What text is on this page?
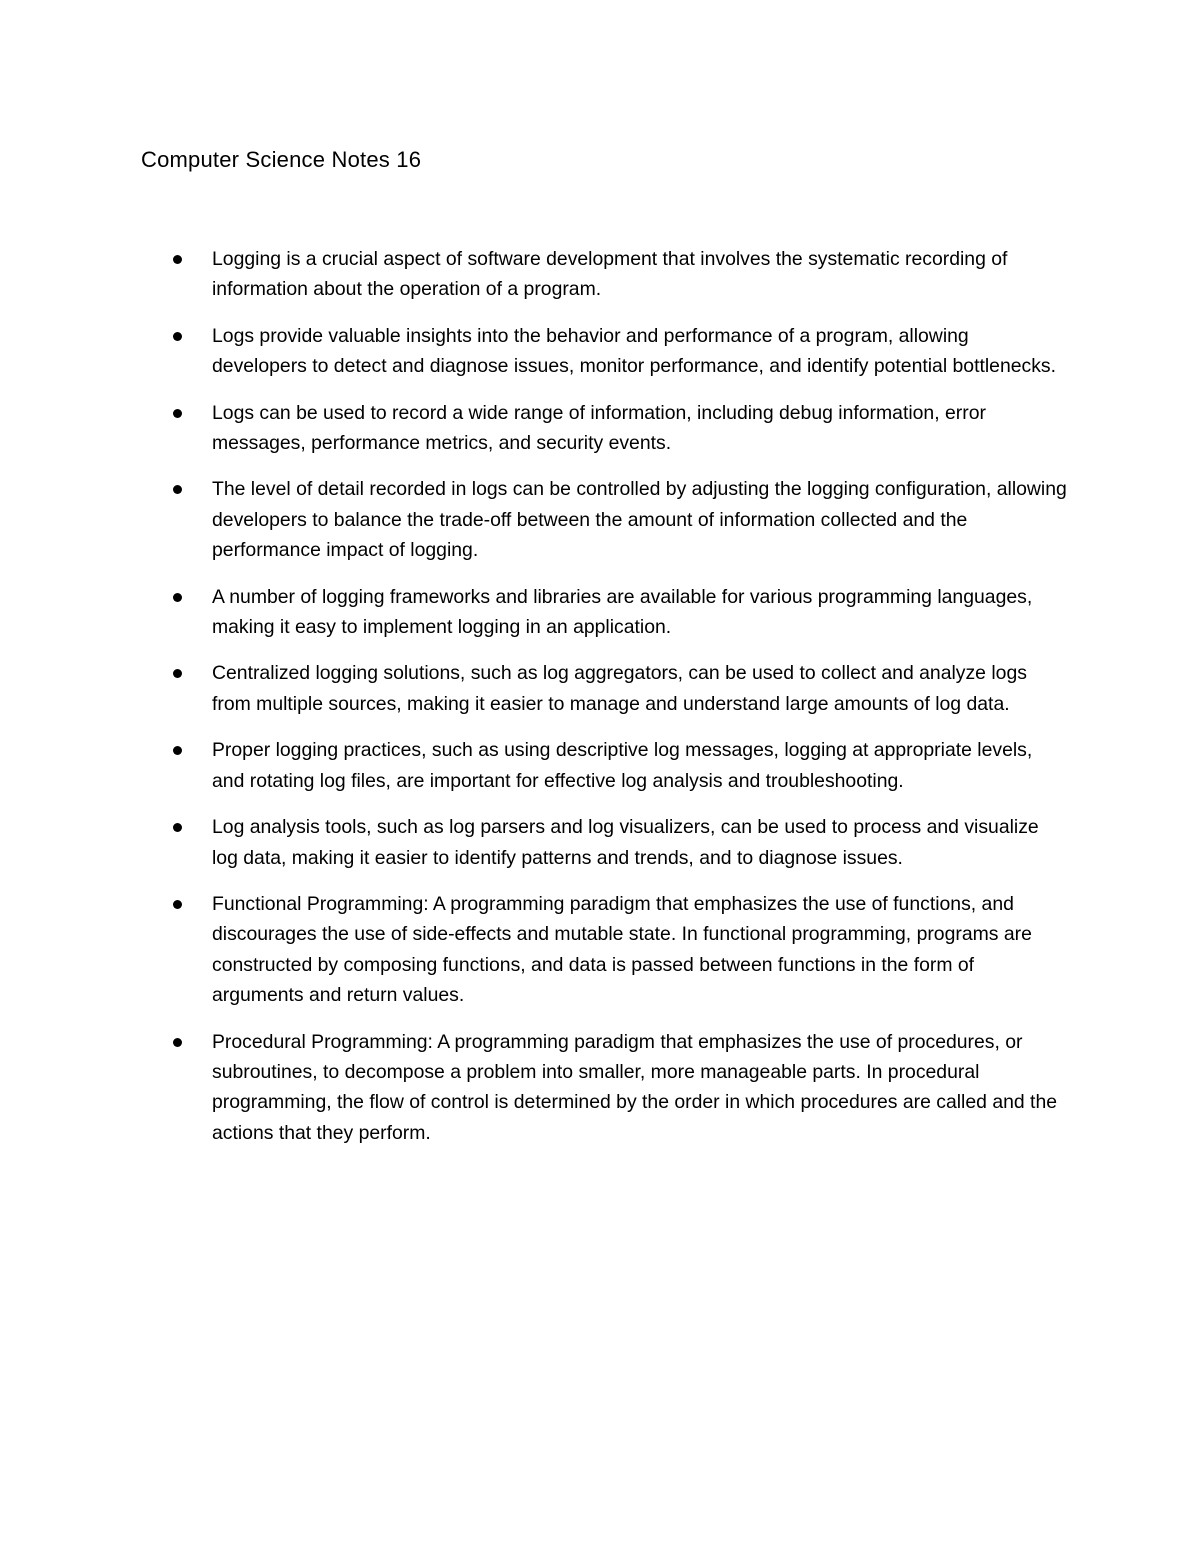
Computer Science Notes 16
Logging is a crucial aspect of software development that involves the systematic recording of information about the operation of a program.
Logs provide valuable insights into the behavior and performance of a program, allowing developers to detect and diagnose issues, monitor performance, and identify potential bottlenecks.
Logs can be used to record a wide range of information, including debug information, error messages, performance metrics, and security events.
The level of detail recorded in logs can be controlled by adjusting the logging configuration, allowing developers to balance the trade-off between the amount of information collected and the performance impact of logging.
A number of logging frameworks and libraries are available for various programming languages, making it easy to implement logging in an application.
Centralized logging solutions, such as log aggregators, can be used to collect and analyze logs from multiple sources, making it easier to manage and understand large amounts of log data.
Proper logging practices, such as using descriptive log messages, logging at appropriate levels, and rotating log files, are important for effective log analysis and troubleshooting.
Log analysis tools, such as log parsers and log visualizers, can be used to process and visualize log data, making it easier to identify patterns and trends, and to diagnose issues.
Functional Programming: A programming paradigm that emphasizes the use of functions, and discourages the use of side-effects and mutable state. In functional programming, programs are constructed by composing functions, and data is passed between functions in the form of arguments and return values.
Procedural Programming: A programming paradigm that emphasizes the use of procedures, or subroutines, to decompose a problem into smaller, more manageable parts. In procedural programming, the flow of control is determined by the order in which procedures are called and the actions that they perform.
